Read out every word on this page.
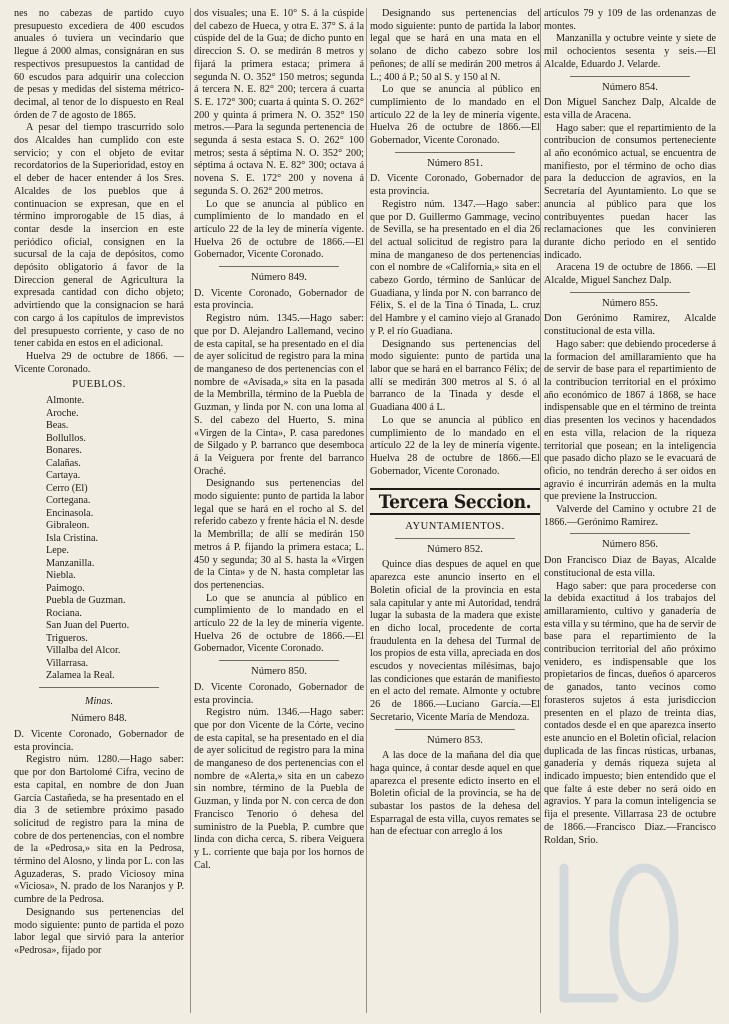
nes no cabezas de partido cuyo presupuesto excediera de 400 escudos anuales ó tuviera un vecindario que llegue á 2000 almas, consignáran en sus respectivos presupuestos la cantidad de 60 escudos para adquirir una coleccion de pesas y medidas del sistema métrico-decimal, al tenor de lo dispuesto en Real órden de 7 de agosto de 1865.

A pesar del tiempo trascurrido solo dos Alcaldes han cumplido con este servicio; y con el objeto de evitar recordatorios de la Superioridad, estoy en el deber de hacer entender á los Sres. Alcaldes de los pueblos que á continuacion se expresan, que en el término improrogable de 15 dias, á contar desde la insercion en este periódico oficial, consignen en la sucursal de la caja de depósitos, como depósito obligatorio á favor de la Direccion general de Agricultura la expresada cantidad con dicho objeto; advirtiendo que la consignacion se hará con cargo á los capítulos de imprevistos del presupuesto corriente, y caso de no tener cabida en estos en el adicional.

Huelva 29 de octubre de 1866. —Vicente Coronado.

PUEBLOS.
Almonte.
Aroche.
Beas.
Bollullos.
Bonares.
Calañas.
Cartaya.
Cerro (El)
Cortegana.
Encinasola.
Gibraleon.
Isla Cristina.
Lepe.
Manzanilla.
Niebla.
Paimogo.
Puebla de Guzman.
Rociana.
San Juan del Puerto.
Trigueros.
Villalba del Alcor.
Villarrasa.
Zalamea la Real.
Minas.
Número 848.

D. Vicente Coronado, Gobernador de esta provincia.

Registro núm. 1280.—Hago saber: que por don Bartolomé Cifra, vecino de esta capital, en nombre de don Juan García Castañeda, se ha presentado en el dia 3 de setiembre próximo pasado solicitud de registro para la mina de cobre de dos pertenencias, con el nombre de la «Pedrosa,» sita en la Pedrosa, término del Alosno, y linda por L. con las Aguzaderas, S. prado Viciosoy mina «Viciosa», N. prado de los Naranjos y P. cumbre de la Pedrosa.

Designando sus pertenencias del modo siguiente: punto de partida el pozo labor legal que sirvió para la anterior «Pedrosa», fijado por

dos visuales; una E. 10° S. á la cúspide del cabezo de Hueca, y otra E. 37° S. á la cúspide del de la Gua; de dicho punto en direccion S. O. se medirán 8 metros y fijará la primera estaca; primera á segunda N. O. 352° 150 metros; segunda á tercera N. E. 82° 200; tercera á cuarta S. E. 172° 300; cuarta á quinta S. O. 262° 200 y quinta á primera N. O. 352° 150 metros.—Para la segunda pertenencia de segunda á sesta estaca S. O. 262° 100 metros; sesta á séptima N. O. 352° 200; séptima á octava N. E. 82° 300; octava á novena S. E. 172° 200 y novena á segunda S. O. 262° 200 metros.

Lo que se anuncia al público en cumplimiento de lo mandado en el artículo 22 de la ley de minería vigente. Huelva 26 de octubre de 1866.—El Gobernador, Vicente Coronado.

Número 849.

D. Vicente Coronado, Gobernador de esta provincia.

Registro núm. 1345.—Hago saber: que por D. Alejandro Lallemand, vecino de esta capital, se ha presentado en el dia de ayer solicitud de registro para la mina de manganeso de dos pertenencias con el nombre de «Avisada,» sita en la pasada de la Membrilla, término de la Puebla de Guzman, y linda por N. con una loma al S. del cabezo del Huerto, S. mina «Virgen de la Cinta», P. casa paredones de Silgado y P. barranco que desemboca á la Veiguera por frente del barranco Oraché.

Designando sus pertenencias del modo siguiente: punto de partida la labor legal que se hará en el rocho al S. del referido cabezo y frente hácia el N. desde la Membrilla; de allí se medirán 150 metros á P. fijando la primera estaca; L. 450 y segunda; 30 al S. hasta la «Virgen de la Cinta» y de N. hasta completar las dos pertenencias.

Lo que se anuncia al público en cumplimiento de lo mandado en el artículo 22 de la ley de minería vigente. Huelva 26 de octubre de 1866.—El Gobernador, Vicente Coronado.

Número 850.

D. Vicente Coronado, Gobernador de esta provincia.

Registro núm. 1346.—Hago saber: que por don Vicente de la Córte, vecino de esta capital, se ha presentado en el dia de ayer solicitud de registro para la mina de manganeso de dos pertenencias con el nombre de «Alerta,» sita en un cabezo sin nombre, término de la Puebla de Guzman, y linda por N. con cerca de don Francisco Tenorio ó dehesa del suministro de la Puebla, P. cumbre que linda con dicha cerca, S. ribera Veiguera y L. corriente que baja por los hornos de Cal.

Designando sus pertenencias del modo siguiente: punto de partida la labor legal que se hará en una mata en el solano de dicho cabezo sobre los peñones; de allí se medirán 200 metros á L.; 400 á P.; 50 al S. y 150 al N.

Lo que se anuncia al público en cumplimiento de lo mandado en el artículo 22 de la ley de minería vigente. Huelva 26 de octubre de 1866.—El Gobernador, Vicente Coronado.

Número 851.

D. Vicente Coronado, Gobernador de esta provincia.

Registro núm. 1347.—Hago saber: que por D. Guillermo Gammage, vecino de Sevilla, se ha presentado en el dia 26 del actual solicitud de registro para la mina de manganeso de dos pertenencias con el nombre de «California,» sita en el cabezo Gordo, término de Sanlúcar de Guadiana, y linda por N. con barranco de Félix, S. el de la Tina ó Tinada, L. cruz del Hambre y el camino viejo al Granado y P. el río Guadiana.

Designando sus pertenencias del modo siguiente: punto de partida una labor que se hará en el barranco Félix; de allí se medirán 300 metros al S. ó al barranco de la Tinada y desde el Guadiana 400 á L.

Lo que se anuncia al público en cumplimiento de lo mandado en el artículo 22 de la ley de minería vigente. Huelva 28 de octubre de 1866.—El Gobernador, Vicente Coronado.

Tercera Seccion.
AYUNTAMIENTOS.
Número 852.

Quince dias despues de aquel en que aparezca este anuncio inserto en el Boletin oficial de la provincia en esta sala capitular y ante mi Autoridad, tendrá lugar la subasta de la madera que existe en dicho local, procedente de corta fraudulenta en la dehesa del Turmal de los propios de esta villa, apreciada en dos escudos y novecientas milésimas, bajo las condiciones que estarán de manifiesto en el acto del remate. Almonte y octubre 26 de 1866.—Luciano García.—El Secretario, Vicente María de Mendoza.

Número 853.

A las doce de la mañana del dia que haga quince, á contar desde aquel en que aparezca el presente edicto inserto en el Boletin oficial de la provincia, se ha de subastar los pastos de la dehesa del Esparragal de esta villa, cuyos remates se han de efectuar con arreglo á los

artículos 79 y 109 de las ordenanzas de montes.

Manzanilla y octubre veinte y siete de mil ochocientos sesenta y seis.—El Alcalde, Eduardo J. Velarde.

Número 854.

Don Miguel Sanchez Dalp, Alcalde de esta villa de Aracena.

Hago saber: que el repartimiento de la contribucion de consumos perteneciente al año económico actual, se encuentra de manifiesto, por el término de ocho dias para la deduccion de agravios, en la Secretaría del Ayuntamiento. Lo que se anuncia al público para que los contribuyentes puedan hacer las reclamaciones que les convinieren durante dicho periodo en el sentido indicado.

Aracena 19 de octubre de 1866. —El Alcalde, Miguel Sanchez Dalp.

Número 855.

Don Gerónimo Ramirez, Alcalde constitucional de esta villa.

Hago saber: que debiendo procederse á la formacion del amillaramiento que ha de servir de base para el repartimiento de la contribucion territorial en el próximo año económico de 1867 á 1868, se hace indispensable que en el término de treinta dias presenten los vecinos y hacendados en esta villa, relacion de la riqueza territorial que posean; en la inteligencia que pasado dicho plazo se le evacuará de oficio, no tendrán derecho á ser oidos en agravio é incurrirán además en la multa que previene la Instruccion.

Valverde del Camino y octubre 21 de 1866.—Gerónimo Ramirez.

Número 856.

Don Francisco Diaz de Bayas, Alcalde constitucional de esta villa.

Hago saber: que para procederse con la debida exactitud á los trabajos del amillaramiento, cultivo y ganadería de esta villa y su término, que ha de servir de base para el repartimiento de la contribucion territorial del año próximo venidero, es indispensable que los propietarios de fincas, dueños ó aparceros de ganados, tanto vecinos como forasteros sujetos á esta jurisdiccion presenten en el plazo de treinta dias, contados desde el en que aparezca inserto este anuncio en el Boletin oficial, relacion duplicada de las fincas rústicas, urbanas, ganadería y demás riqueza sujeta al indicado impuesto; bien entendido que el que falte á este deber no será oido en agravios. Y para la comun inteligencia se fija el presente. Villarrasa 23 de octubre de 1866.—Francisco Diaz.—Francisco Roldan, Srio.
